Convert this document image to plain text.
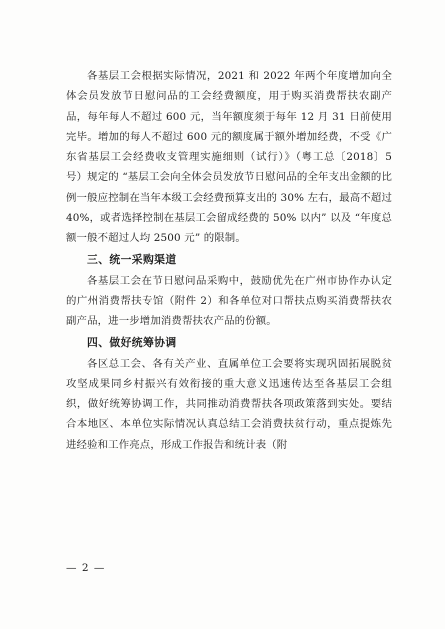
各基层工会根据实际情况，2021 和 2022 年两个年度增加向全体会员发放节日慰问品的工会经费额度，用于购买消费帮扶农副产品，每年每人不超过 600 元，当年额度须于每年 12 月 31 日前使用完毕。增加的每人不超过 600 元的额度属于额外增加经费，不受《广东省基层工会经费收支管理实施细则（试行）》（粤工总〔2018〕5 号）规定的 “基层工会向全体会员发放节日慰问品的全年支出金额的比例一般应控制在当年本级工会经费预算支出的 30% 左右，最高不超过 40%，或者选择控制在基层工会留成经费的 50% 以内” 以及 “年度总额一般不超过人均 2500 元” 的限制。

三、统一采购渠道

各基层工会在节日慰问品采购中，鼓励优先在广州市协作办认定的广州消费帮扶专馆（附件 2）和各单位对口帮扶点购买消费帮扶农副产品，进一步增加消费帮扶农产品的份额。

四、做好统筹协调

各区总工会、各有关产业、直属单位工会要将实现巩固拓展脱贫攻坚成果同乡村振兴有效衔接的重大意义迅速传达至各基层工会组织，做好统筹协调工作，共同推动消费帮扶各项政策落到实处。要结合本地区、本单位实际情况认真总结工会消费扶贫行动，重点提炼先进经验和工作亮点，形成工作报告和统计表（附

— 2 —
